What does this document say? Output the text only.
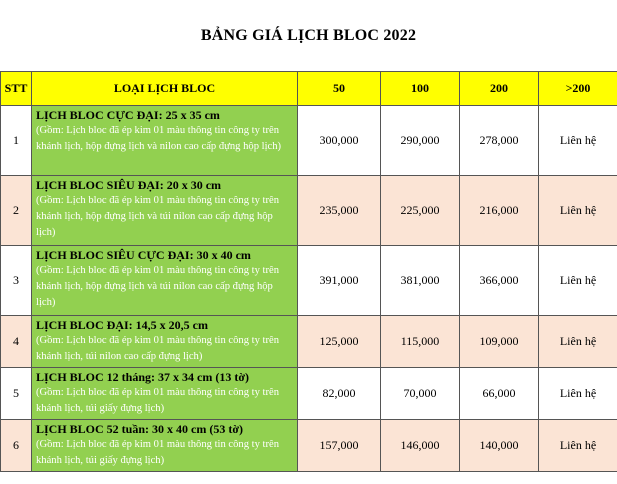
BẢNG GIÁ LỊCH BLOC 2022
STT	LOẠI LỊCH BLOC	50	100	200	>200
1	LỊCH BLOC CỰC ĐẠI: 25 x 35 cm
(Gồm: Lịch bloc đã ép kim 01 màu thông tin công ty trên khánh lịch, hộp đựng lịch và nilon cao cấp đựng hộp lịch)	300,000	290,000	278,000	Liên hệ
2	LỊCH BLOC SIÊU ĐẠI: 20 x 30 cm
(Gồm: Lịch bloc đã ép kim 01 màu thông tin công ty trên khánh lịch, hộp đựng lịch và túi nilon cao cấp đựng hộp lịch)	235,000	225,000	216,000	Liên hệ
3	LỊCH BLOC SIÊU CỰC ĐẠI: 30 x 40 cm
(Gồm: Lịch bloc đã ép kim 01 màu thông tin công ty trên khánh lịch, hộp đựng lịch và túi nilon cao cấp đựng hộp lịch)	391,000	381,000	366,000	Liên hệ
4	LỊCH BLOC ĐẠI: 14,5 x 20,5 cm
(Gồm: Lịch bloc đã ép kim 01 màu thông tin công ty trên khánh lịch, túi nilon cao cấp đựng lịch)	125,000	115,000	109,000	Liên hệ
5	LỊCH BLOC 12 tháng: 37 x 34 cm (13 tờ)
(Gồm: Lịch bloc đã ép kim 01 màu thông tin công ty trên khánh lịch, túi giấy đựng lịch)	82,000	70,000	66,000	Liên hệ
6	LỊCH BLOC 52 tuần: 30 x 40 cm (53 tờ)
(Gồm: Lịch bloc đã ép kim 01 màu thông tin công ty trên khánh lịch, túi giấy đựng lịch)	157,000	146,000	140,000	Liên hệ
